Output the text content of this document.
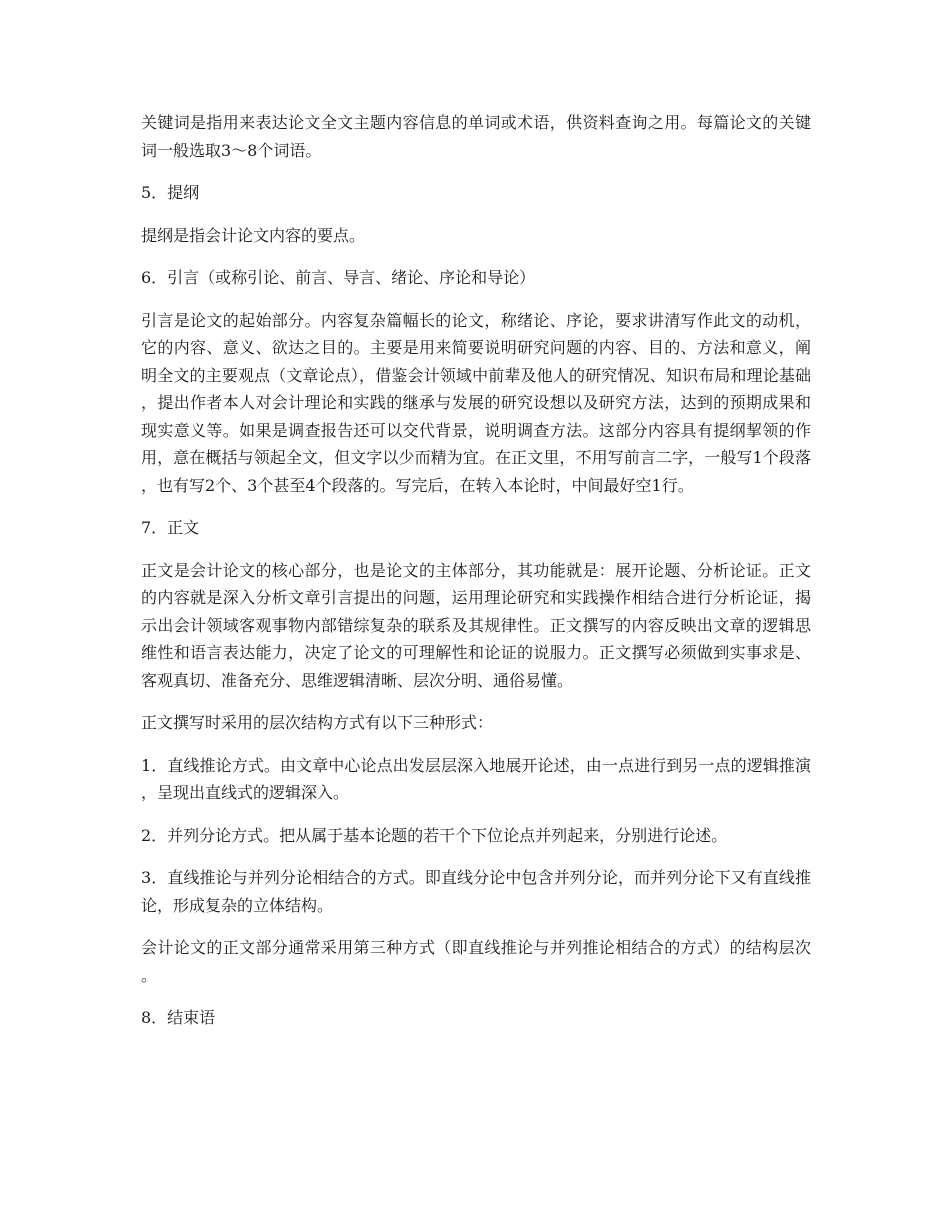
关键词是指用来表达论文全文主题内容信息的单词或术语，供资料查询之用。每篇论文的关键词一般选取3～8个词语。

5．提纲

提纲是指会计论文内容的要点。

6．引言（或称引论、前言、导言、绪论、序论和导论）

引言是论文的起始部分。内容复杂篇幅长的论文，称绪论、序论，要求讲清写作此文的动机，它的内容、意义、欲达之目的。主要是用来简要说明研究问题的内容、目的、方法和意义，阐明全文的主要观点（文章论点），借鉴会计领域中前辈及他人的研究情况、知识布局和理论基础，提出作者本人对会计理论和实践的继承与发展的研究设想以及研究方法，达到的预期成果和现实意义等。如果是调查报告还可以交代背景，说明调查方法。这部分内容具有提纲挈领的作用，意在概括与领起全文，但文字以少而精为宜。在正文里，不用写前言二字，一般写1个段落，也有写2个、3个甚至4个段落的。写完后，在转入本论时，中间最好空1行。

7．正文

正文是会计论文的核心部分，也是论文的主体部分，其功能就是：展开论题、分析论证。正文的内容就是深入分析文章引言提出的问题，运用理论研究和实践操作相结合进行分析论证，揭示出会计领域客观事物内部错综复杂的联系及其规律性。正文撰写的内容反映出文章的逻辑思维性和语言表达能力，决定了论文的可理解性和论证的说服力。正文撰写必须做到实事求是、客观真切、准备充分、思维逻辑清晰、层次分明、通俗易懂。

正文撰写时采用的层次结构方式有以下三种形式：

1．直线推论方式。由文章中心论点出发层层深入地展开论述，由一点进行到另一点的逻辑推演，呈现出直线式的逻辑深入。

2．并列分论方式。把从属于基本论题的若干个下位论点并列起来，分别进行论述。

3．直线推论与并列分论相结合的方式。即直线分论中包含并列分论，而并列分论下又有直线推论，形成复杂的立体结构。

会计论文的正文部分通常采用第三种方式（即直线推论与并列推论相结合的方式）的结构层次。

8．结束语
